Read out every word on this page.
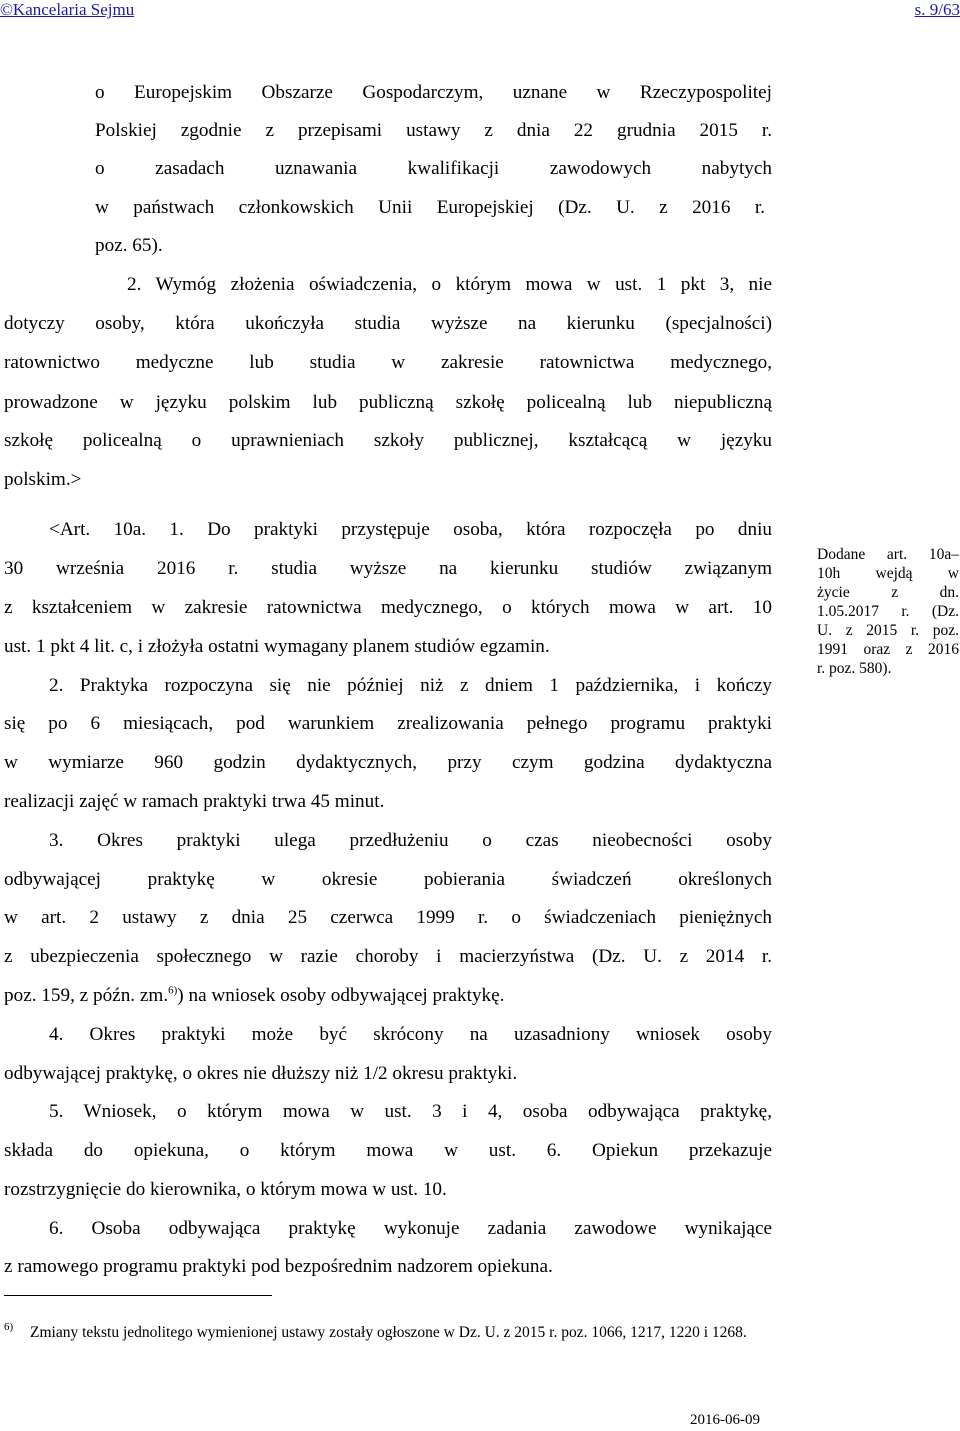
©Kancelaria Sejmu	s. 9/63
o Europejskim Obszarze Gospodarczym, uznane w Rzeczypospolitej
Polskiej zgodnie z przepisami ustawy z dnia 22 grudnia 2015 r.
o zasadach uznawania kwalifikacji zawodowych nabytych
w państwach członkowskich Unii Europejskiej (Dz. U. z 2016 r.
poz. 65).
2. Wymóg złożenia oświadczenia, o którym mowa w ust. 1 pkt 3, nie
dotyczy osoby, która ukończyła studia wyższe na kierunku (specjalności)
ratownictwo medyczne lub studia w zakresie ratownictwa medycznego,
prowadzone w języku polskim lub publiczną szkołę policealną lub niepubliczną
szkołę policealną o uprawnieniach szkoły publicznej, kształcącą w języku
polskim.>
<Art. 10a. 1. Do praktyki przystępuje osoba, która rozpoczęła po dniu
30 września 2016 r. studia wyższe na kierunku studiów związanym
z kształceniem w zakresie ratownictwa medycznego, o których mowa w art. 10
ust. 1 pkt 4 lit. c, i złożyła ostatni wymagany planem studiów egzamin.
2. Praktyka rozpoczyna się nie później niż z dniem 1 października, i kończy
się po 6 miesiącach, pod warunkiem zrealizowania pełnego programu praktyki
w wymiarze 960 godzin dydaktycznych, przy czym godzina dydaktyczna
realizacji zajęć w ramach praktyki trwa 45 minut.
3. Okres praktyki ulega przedłużeniu o czas nieobecności osoby
odbywającej praktykę w okresie pobierania świadczeń określonych
w art. 2 ustawy z dnia 25 czerwca 1999 r. o świadczeniach pieniężnych
z ubezpieczenia społecznego w razie choroby i macierzyństwa (Dz. U. z 2014 r.
poz. 159, z późn. zm.$^{6)}$) na wniosek osoby odbywającej praktykę.
4. Okres praktyki może być skrócony na uzasadniony wniosek osoby
odbywającej praktykę, o okres nie dłuższy niż 1/2 okresu praktyki.
5. Wniosek, o którym mowa w ust. 3 i 4, osoba odbywająca praktykę,
składa do opiekuna, o którym mowa w ust. 6. Opiekun przekazuje
rozstrzygnięcie do kierownika, o którym mowa w ust. 10.
6. Osoba odbywająca praktykę wykonuje zadania zawodowe wynikające
z ramowego programu praktyki pod bezpośrednim nadzorem opiekuna.
Dodane art. 10a–
10h wejdą w
życie z dn.
1.05.2017 r. (Dz.
U. z 2015 r. poz.
1991 oraz z 2016
r. poz. 580).
6) Zmiany tekstu jednolitego wymienionej ustawy zostały ogłoszone w Dz. U. z 2015 r. poz. 1066, 1217, 1220 i 1268.
2016-06-09
